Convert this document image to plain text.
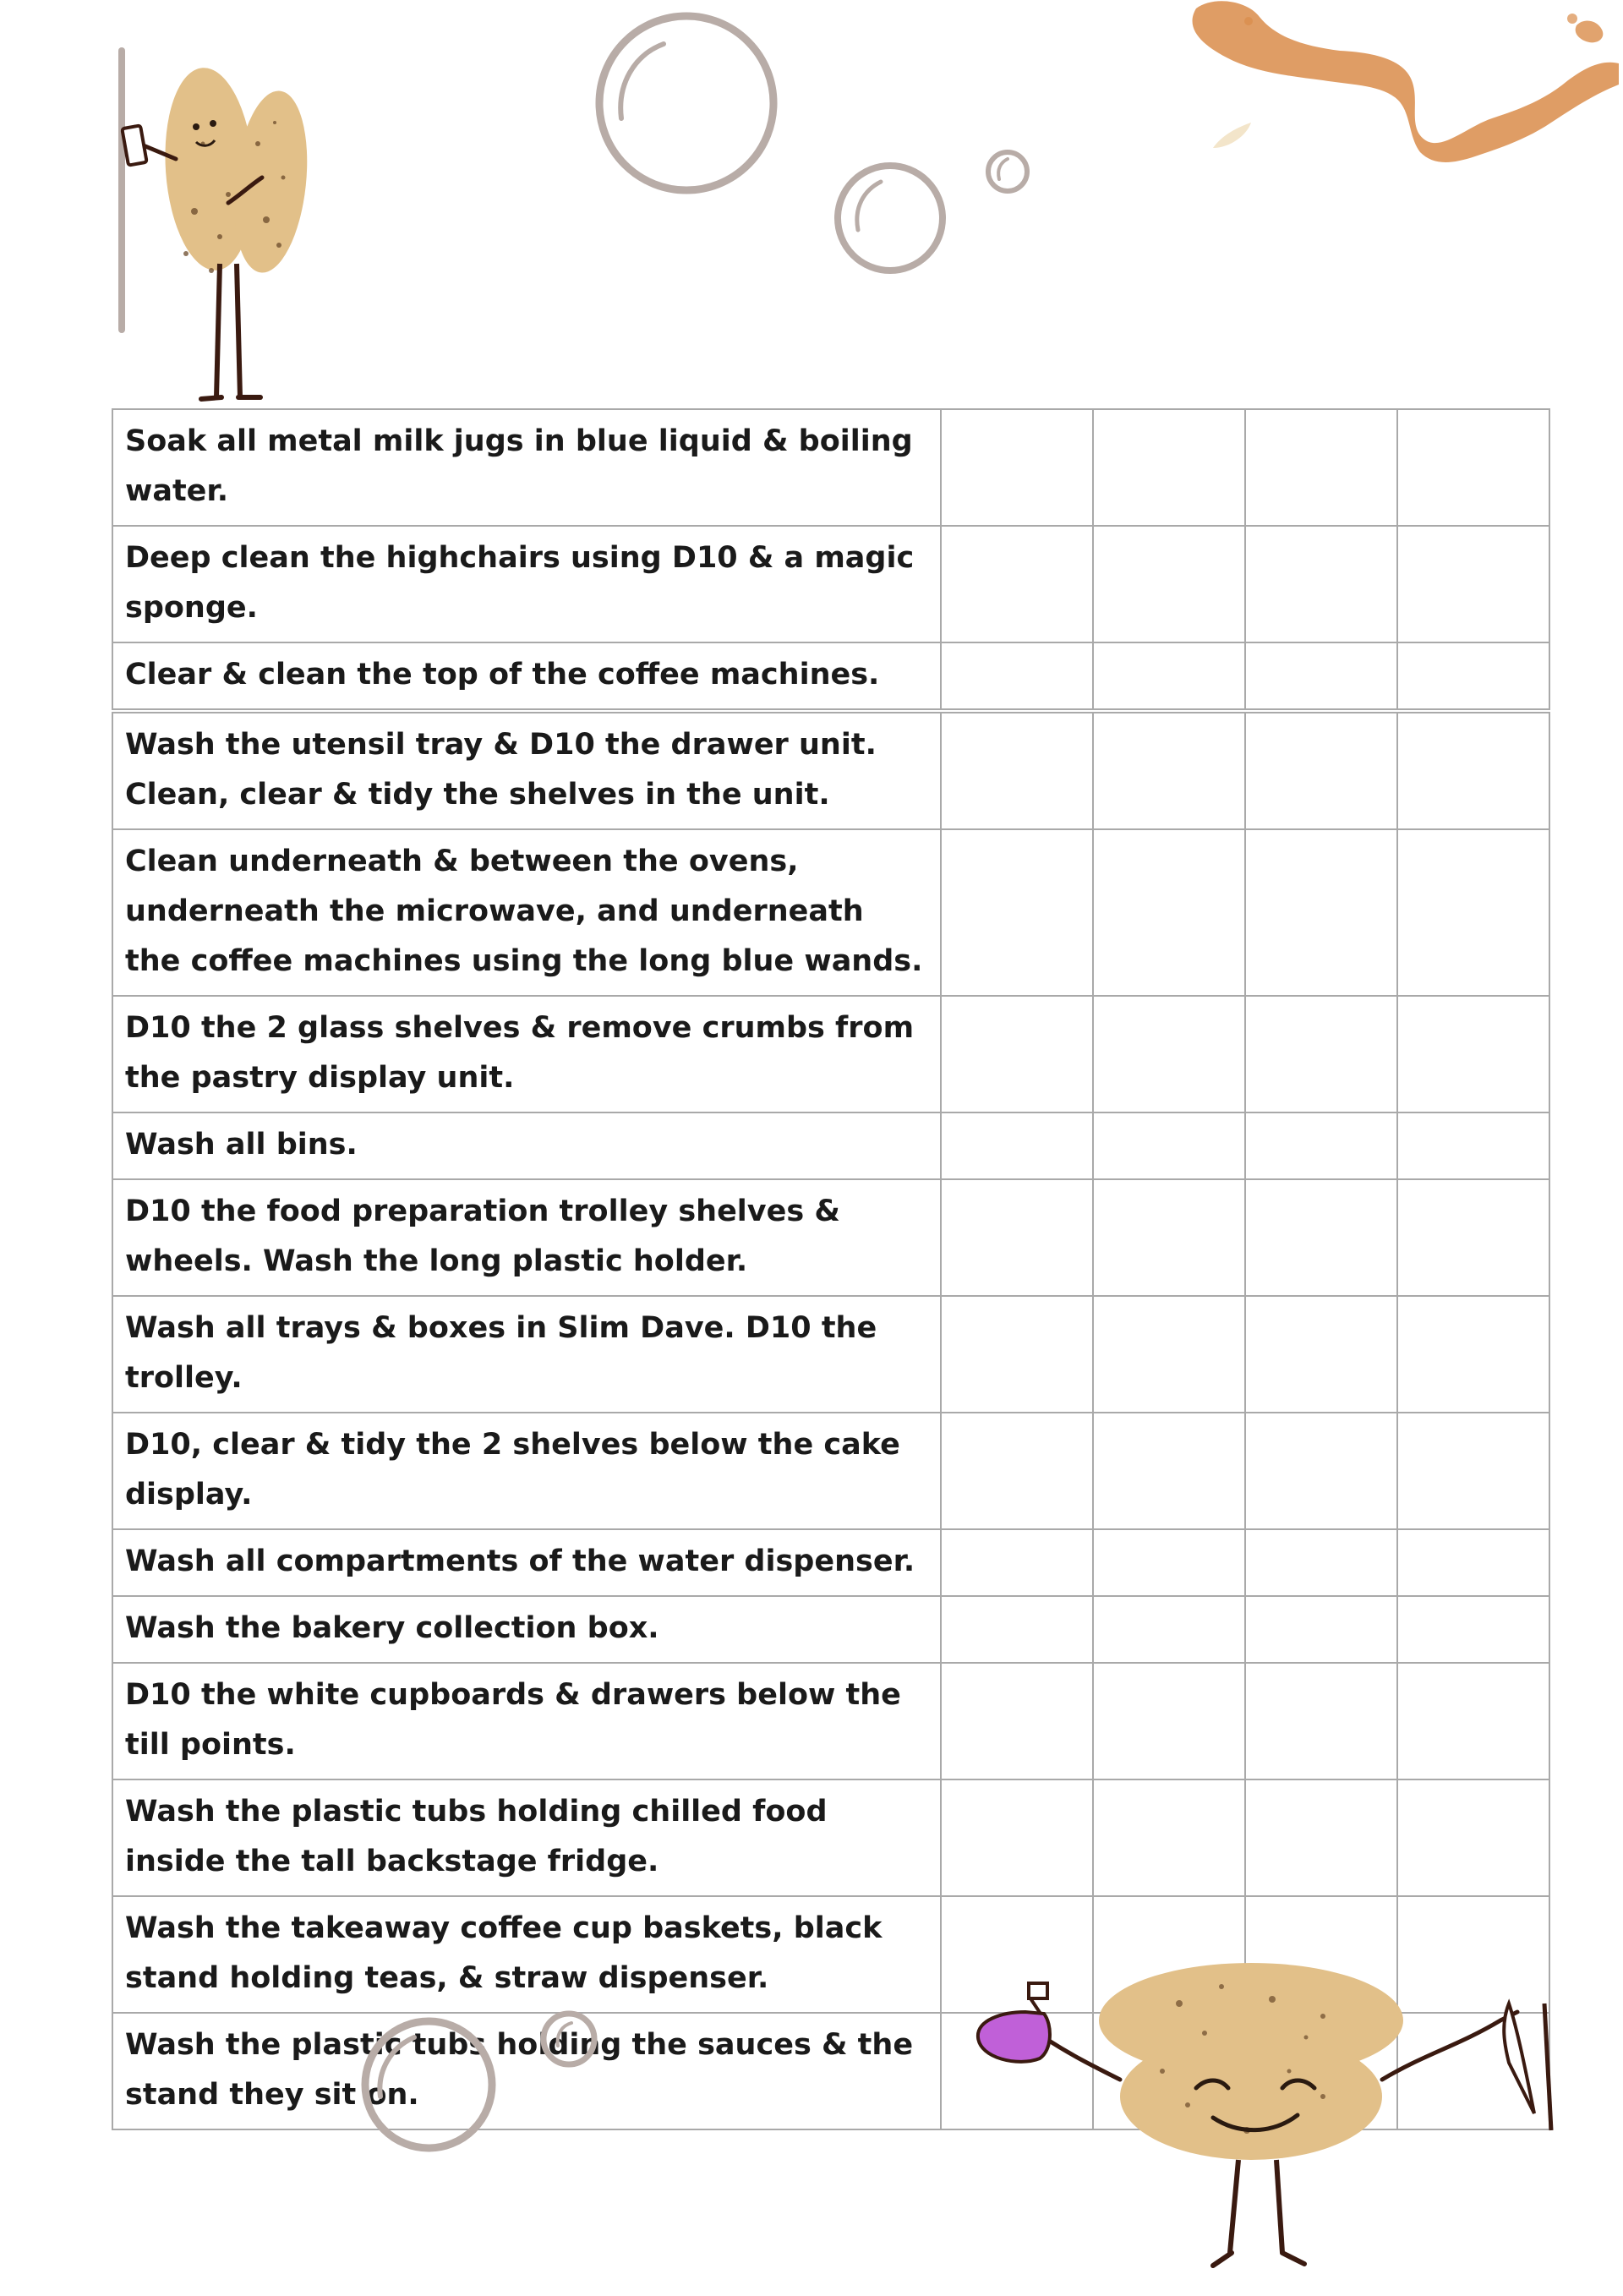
Soak all metal milk jugs in blue liquid & boiling water.				
Deep clean the highchairs using D10 & a magic sponge.				
Clear & clean the top of the coffee machines.				
Wash the utensil tray & D10 the drawer unit. Clean, clear & tidy the shelves in the unit.				
Clean underneath & between the ovens, underneath the microwave, and underneath the coffee machines using the long blue wands.				
D10 the 2 glass shelves & remove crumbs from the pastry display unit.				
Wash all bins.				
D10 the food preparation trolley shelves & wheels. Wash the long plastic holder.				
Wash all trays & boxes in Slim Dave. D10 the trolley.				
D10, clear & tidy the 2 shelves below the cake display.				
Wash all compartments of the water dispenser.				
Wash the bakery collection box.				
D10 the white cupboards & drawers below the till points.				
Wash the plastic tubs holding chilled food inside the tall backstage fridge.				
Wash the takeaway coffee cup baskets, black stand holding teas, & straw dispenser.				
Wash the plastic tubs holding the sauces & the stand they sit on.				
